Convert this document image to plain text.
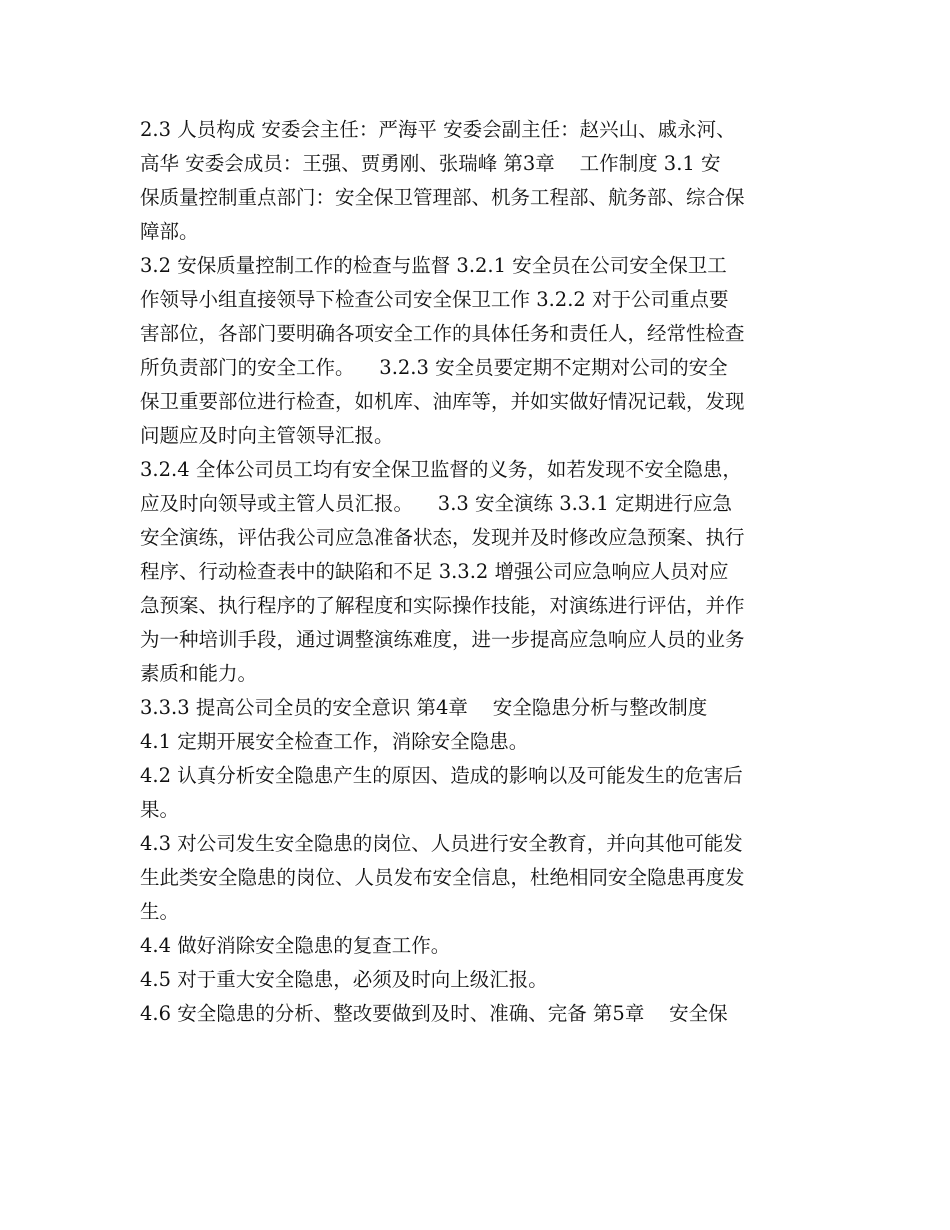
2.3 人员构成 安委会主任：严海平 安委会副主任：赵兴山、戚永河、
高华 安委会成员：王强、贾勇刚、张瑞峰 第3章    工作制度 3.1 安
保质量控制重点部门：安全保卫管理部、机务工程部、航务部、综合保
障部。
3.2 安保质量控制工作的检查与监督 3.2.1 安全员在公司安全保卫工
作领导小组直接领导下检查公司安全保卫工作 3.2.2 对于公司重点要
害部位，各部门要明确各项安全工作的具体任务和责任人，经常性检查
所负责部门的安全工作。    3.2.3 安全员要定期不定期对公司的安全
保卫重要部位进行检查，如机库、油库等，并如实做好情况记载，发现
问题应及时向主管领导汇报。
3.2.4 全体公司员工均有安全保卫监督的义务，如若发现不安全隐患，
应及时向领导或主管人员汇报。    3.3 安全演练 3.3.1 定期进行应急
安全演练，评估我公司应急准备状态，发现并及时修改应急预案、执行
程序、行动检查表中的缺陷和不足 3.3.2 增强公司应急响应人员对应
急预案、执行程序的了解程度和实际操作技能，对演练进行评估，并作
为一种培训手段，通过调整演练难度，进一步提高应急响应人员的业务
素质和能力。
3.3.3 提高公司全员的安全意识 第4章    安全隐患分析与整改制度
4.1 定期开展安全检查工作，消除安全隐患。
4.2 认真分析安全隐患产生的原因、造成的影响以及可能发生的危害后
果。
4.3 对公司发生安全隐患的岗位、人员进行安全教育，并向其他可能发
生此类安全隐患的岗位、人员发布安全信息，杜绝相同安全隐患再度发
生。
4.4 做好消除安全隐患的复查工作。
4.5 对于重大安全隐患，必须及时向上级汇报。
4.6 安全隐患的分析、整改要做到及时、准确、完备 第5章    安全保
